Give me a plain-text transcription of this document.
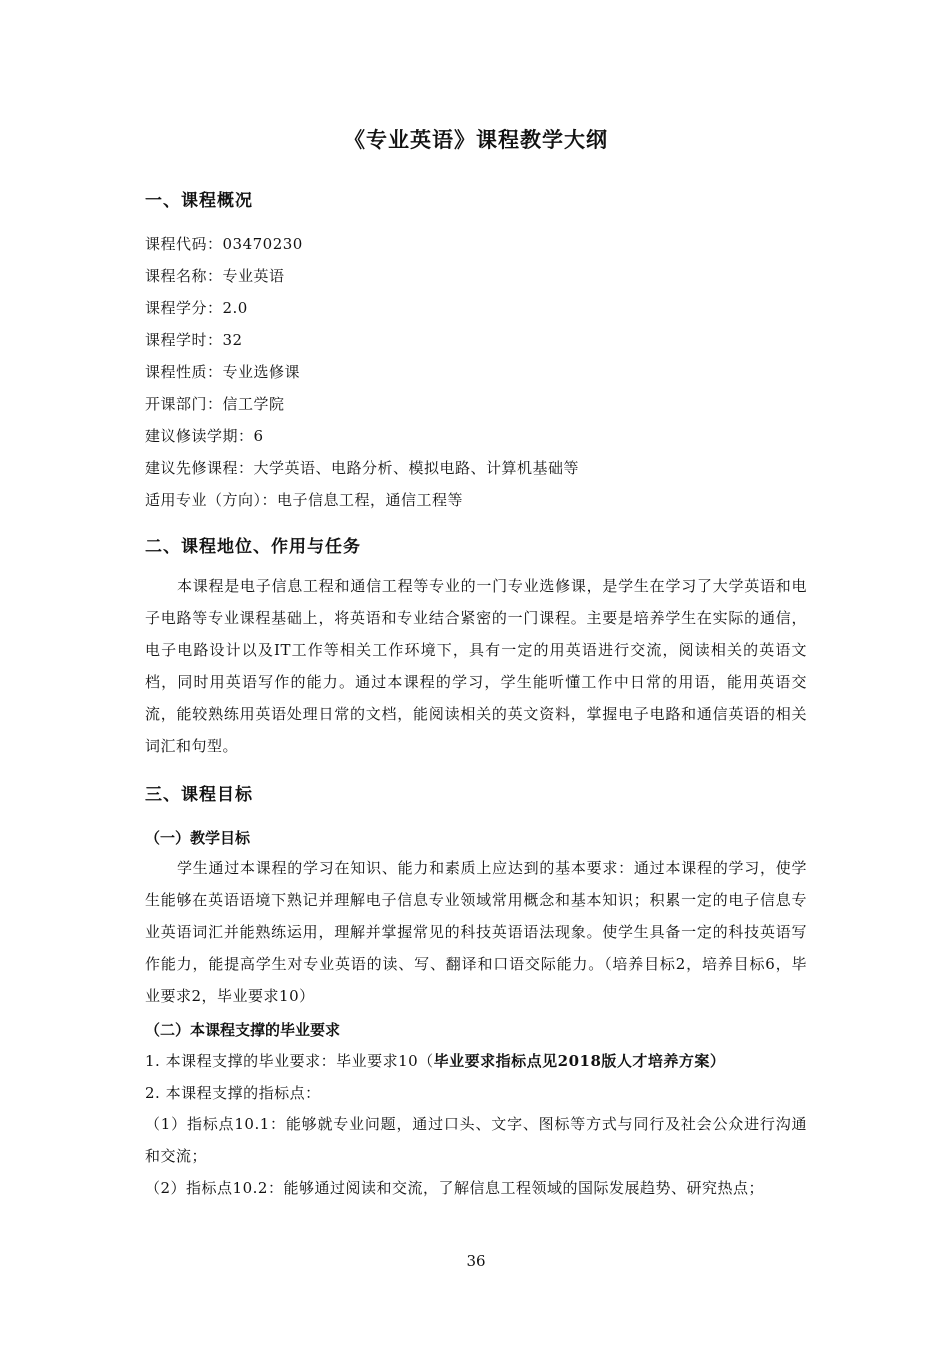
《专业英语》课程教学大纲
一、课程概况

课程代码：03470230

课程名称：专业英语

课程学分：2.0

课程学时：32

课程性质：专业选修课

开课部门：信工学院

建议修读学期：6

建议先修课程：大学英语、电路分析、模拟电路、计算机基础等

适用专业（方向）：电子信息工程，通信工程等

二、课程地位、作用与任务

本课程是电子信息工程和通信工程等专业的一门专业选修课，是学生在学习了大学英语和电子电路等专业课程基础上，将英语和专业结合紧密的一门课程。主要是培养学生在实际的通信，电子电路设计以及IT工作等相关工作环境下，具有一定的用英语进行交流，阅读相关的英语文档，同时用英语写作的能力。通过本课程的学习，学生能听懂工作中日常的用语，能用英语交流，能较熟练用英语处理日常的文档，能阅读相关的英文资料，掌握电子电路和通信英语的相关词汇和句型。

三、课程目标
（一）教学目标

学生通过本课程的学习在知识、能力和素质上应达到的基本要求：通过本课程的学习，使学生能够在英语语境下熟记并理解电子信息专业领域常用概念和基本知识；积累一定的电子信息专业英语词汇并能熟练运用，理解并掌握常见的科技英语语法现象。使学生具备一定的科技英语写作能力，能提高学生对专业英语的读、写、翻译和口语交际能力。（培养目标2，培养目标6，毕业要求2，毕业要求10）

（二）本课程支撑的毕业要求

1. 本课程支撑的毕业要求：毕业要求10（毕业要求指标点见2018版人才培养方案）

2. 本课程支撑的指标点：

（1）指标点10.1：能够就专业问题，通过口头、文字、图标等方式与同行及社会公众进行沟通和交流；

（2）指标点10.2：能够通过阅读和交流，了解信息工程领域的国际发展趋势、研究热点；

36
